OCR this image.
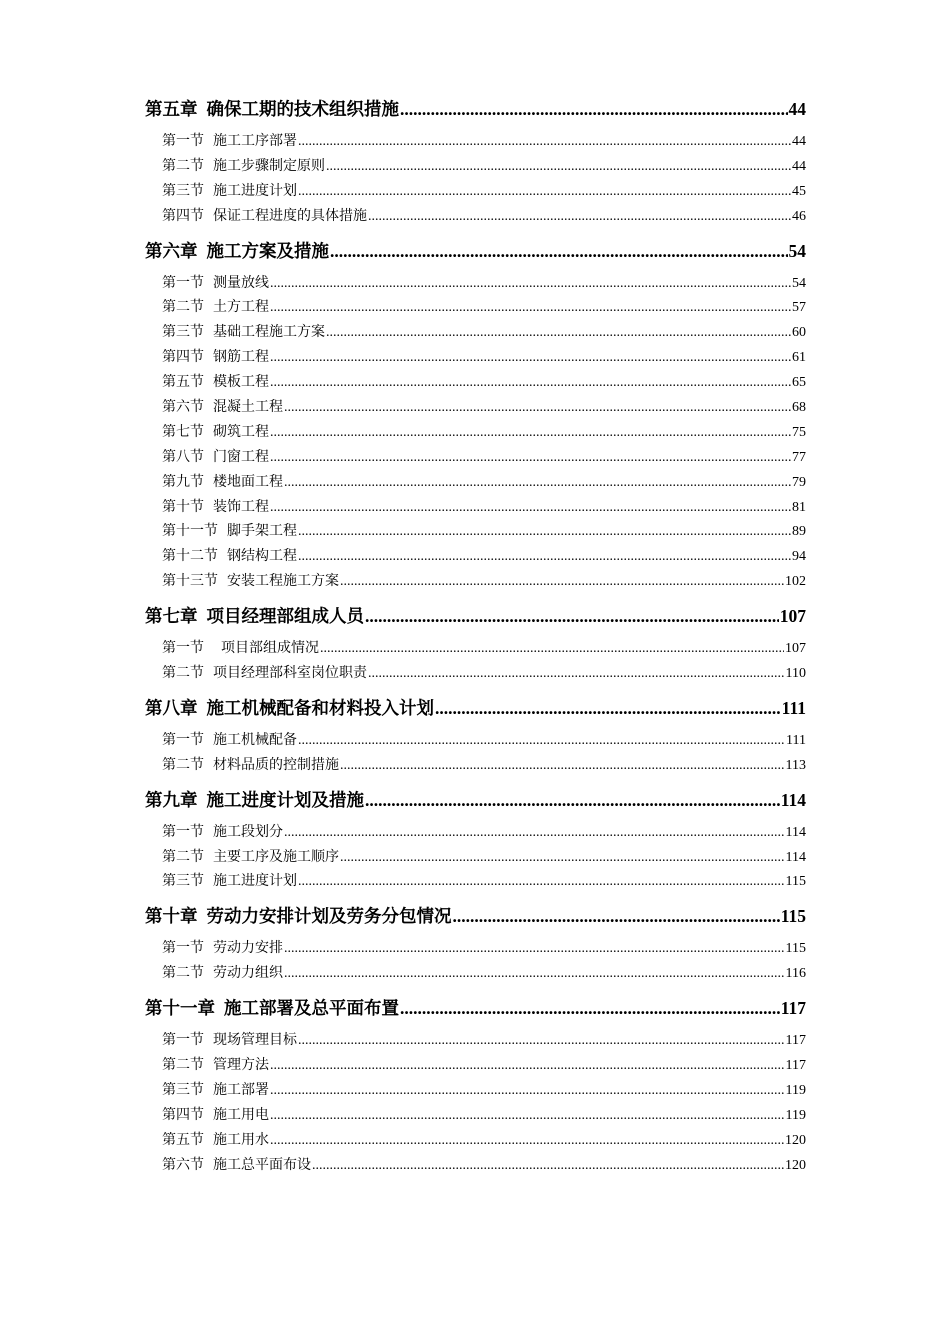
第五章 确保工期的技术组织措施 .....	44
第一节 施工工序部署 .....	44
第二节 施工步骤制定原则 .....	44
第三节 施工进度计划 .....	45
第四节 保证工程进度的具体措施 .....	46
第六章 施工方案及措施 .....	54
第一节 测量放线 .....	54
第二节 土方工程 .....	57
第三节 基础工程施工方案 .....	60
第四节 钢筋工程 .....	61
第五节 模板工程 .....	65
第六节 混凝土工程 .....	68
第七节 砌筑工程 .....	75
第八节 门窗工程 .....	77
第九节 楼地面工程 .....	79
第十节 装饰工程 .....	81
第十一节 脚手架工程 .....	89
第十二节 钢结构工程 .....	94
第十三节 安装工程施工方案 .....	102
第七章 项目经理部组成人员 .....	107
第一节 项目部组成情况 .....	107
第二节 项目经理部科室岗位职责 .....	110
第八章 施工机械配备和材料投入计划 .....	111
第一节 施工机械配备 .....	111
第二节 材料品质的控制措施 .....	113
第九章 施工进度计划及措施 .....	114
第一节 施工段划分 .....	114
第二节 主要工序及施工顺序 .....	114
第三节 施工进度计划 .....	115
第十章 劳动力安排计划及劳务分包情况 .....	115
第一节 劳动力安排 .....	115
第二节 劳动力组织 .....	116
第十一章 施工部署及总平面布置 .....	117
第一节 现场管理目标 .....	117
第二节 管理方法 .....	117
第三节 施工部署 .....	119
第四节 施工用电 .....	119
第五节 施工用水 .....	120
第六节 施工总平面布设 .....	120
